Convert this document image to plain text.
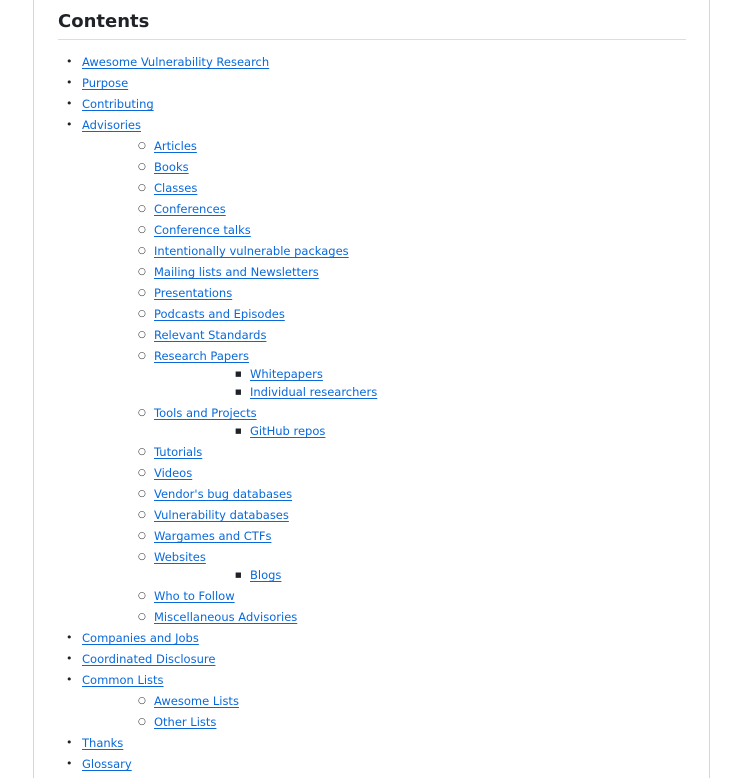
Contents
• Awesome Vulnerability Research
• Purpose
• Contributing
• Advisories
○ Articles
○ Books
○ Classes
○ Conferences
○ Conference talks
○ Intentionally vulnerable packages
○ Mailing lists and Newsletters
○ Presentations
○ Podcasts and Episodes
○ Relevant Standards
○ Research Papers
■ Whitepapers
■ Individual researchers
○ Tools and Projects
■ GitHub repos
○ Tutorials
○ Videos
○ Vendor's bug databases
○ Vulnerability databases
○ Wargames and CTFs
○ Websites
■ Blogs
○ Who to Follow
○ Miscellaneous Advisories
• Companies and Jobs
• Coordinated Disclosure
• Common Lists
○ Awesome Lists
○ Other Lists
• Thanks
• Glossary
